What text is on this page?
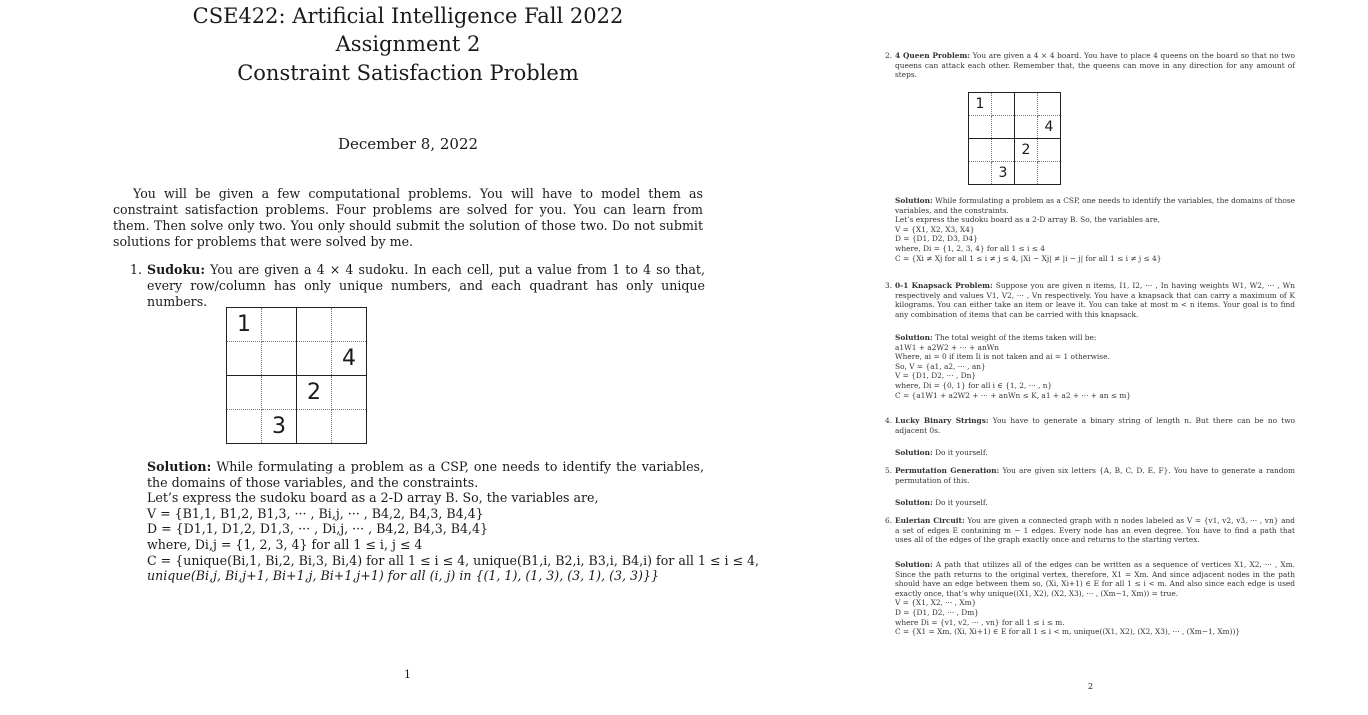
CSE422: Artificial Intelligence Fall 2022
Assignment 2
Constraint Satisfaction Problem
December 8, 2022

You will be given a few computational problems. You will have to model them as constraint satisfaction problems. Four problems are solved for you. You can learn from them. Then solve only two. You only should submit the solution of those two. Do not submit solutions for problems that were solved by me.

1. Sudoku: You are given a 4 × 4 sudoku. In each cell, put a value from 1 to 4 so that, every row/column has only unique numbers, and each quadrant has only unique numbers.
1			
			4
		2	
	3		
Solution: While formulating a problem as a CSP, one needs to identify the variables, the domains of those variables, and the constraints.
Let’s express the sudoku board as a 2-D array B. So, the variables are,
V = {B1,1, B1,2, B1,3, ··· , Bi,j, ··· , B4,2, B4,3, B4,4}
D = {D1,1, D1,2, D1,3, ··· , Di,j, ··· , B4,2, B4,3, B4,4}
where, Di,j = {1, 2, 3, 4} for all 1 ≤ i, j ≤ 4
C = {unique(Bi,1, Bi,2, Bi,3, Bi,4) for all 1 ≤ i ≤ 4, unique(B1,i, B2,i, B3,i, B4,i) for all 1 ≤ i ≤ 4,
unique(Bi,j, Bi,j+1, Bi+1,j, Bi+1,j+1) for all (i, j) in {(1, 1), (1, 3), (3, 1), (3, 3)}}
1
2. 4 Queen Problem: You are given a 4 × 4 board. You have to place 4 queens on the board so that no two queens can attack each other. Remember that, the queens can move in any direction for any amount of steps.
1			
			4
		2	
	3		
Solution: While formulating a problem as a CSP, one needs to identify the variables, the domains of those variables, and the constraints.
Let’s express the sudoku board as a 2-D array B. So, the variables are,
V = {X1, X2, X3, X4}
D = {D1, D2, D3, D4}
where, Di = {1, 2, 3, 4} for all 1 ≤ i ≤ 4
C = {Xi ≠ Xj for all 1 ≤ i ≠ j ≤ 4, |Xi − Xj| ≠ |i − j| for all 1 ≤ i ≠ j ≤ 4}
3. 0-1 Knapsack Problem: Suppose you are given n items, I1, I2, ··· , In having weights W1, W2, ··· , Wn respectively and values V1, V2, ··· , Vn respectively. You have a knapsack that can carry a maximum of K kilograms. You can either take an item or leave it. You can take at most m < n items. Your goal is to find any combination of items that can be carried with this knapsack.
Solution: The total weight of the items taken will be:
a1W1 + a2W2 + ··· + anWn
Where, ai = 0 if item Ii is not taken and ai = 1 otherwise.
So, V = {a1, a2, ··· , an}
V = {D1, D2, ··· , Dn}
where, Di = {0, 1} for all i ∈ {1, 2, ··· , n}
C = {a1W1 + a2W2 + ··· + anWn ≤ K, a1 + a2 + ··· + an ≤ m}
4. Lucky Binary Strings: You have to generate a binary string of length n. But there can be no two adjacent 0s.
Solution: Do it yourself.
5. Permutation Generation: You are given six letters {A, B, C, D, E, F}. You have to generate a random permutation of this.
Solution: Do it yourself.
6. Eulerian Circuit: You are given a connected graph with n nodes labeled as V = {v1, v2, v3, ··· , vn} and a set of edges E containing m − 1 edges. Every node has an even degree. You have to find a path that uses all of the edges of the graph exactly once and returns to the starting vertex.
Solution: A path that utilizes all of the edges can be written as a sequence of vertices X1, X2, ··· , Xm. Since the path returns to the original vertex, therefore, X1 = Xm. And since adjacent nodes in the path should have an edge between them so, (Xi, Xi+1) ∈ E for all 1 ≤ i < m. And also since each edge is used exactly once, that’s why unique((X1, X2), (X2, X3), ··· , (Xm−1, Xm)) = true.
V = {X1, X2, ··· , Xm}
D = {D1, D2, ··· , Dm}
where Di = {v1, v2, ··· , vn} for all 1 ≤ i ≤ m.
C = {X1 = Xm, (Xi, Xi+1) ∈ E for all 1 ≤ i < m, unique((X1, X2), (X2, X3), ··· , (Xm−1, Xm))}
2
